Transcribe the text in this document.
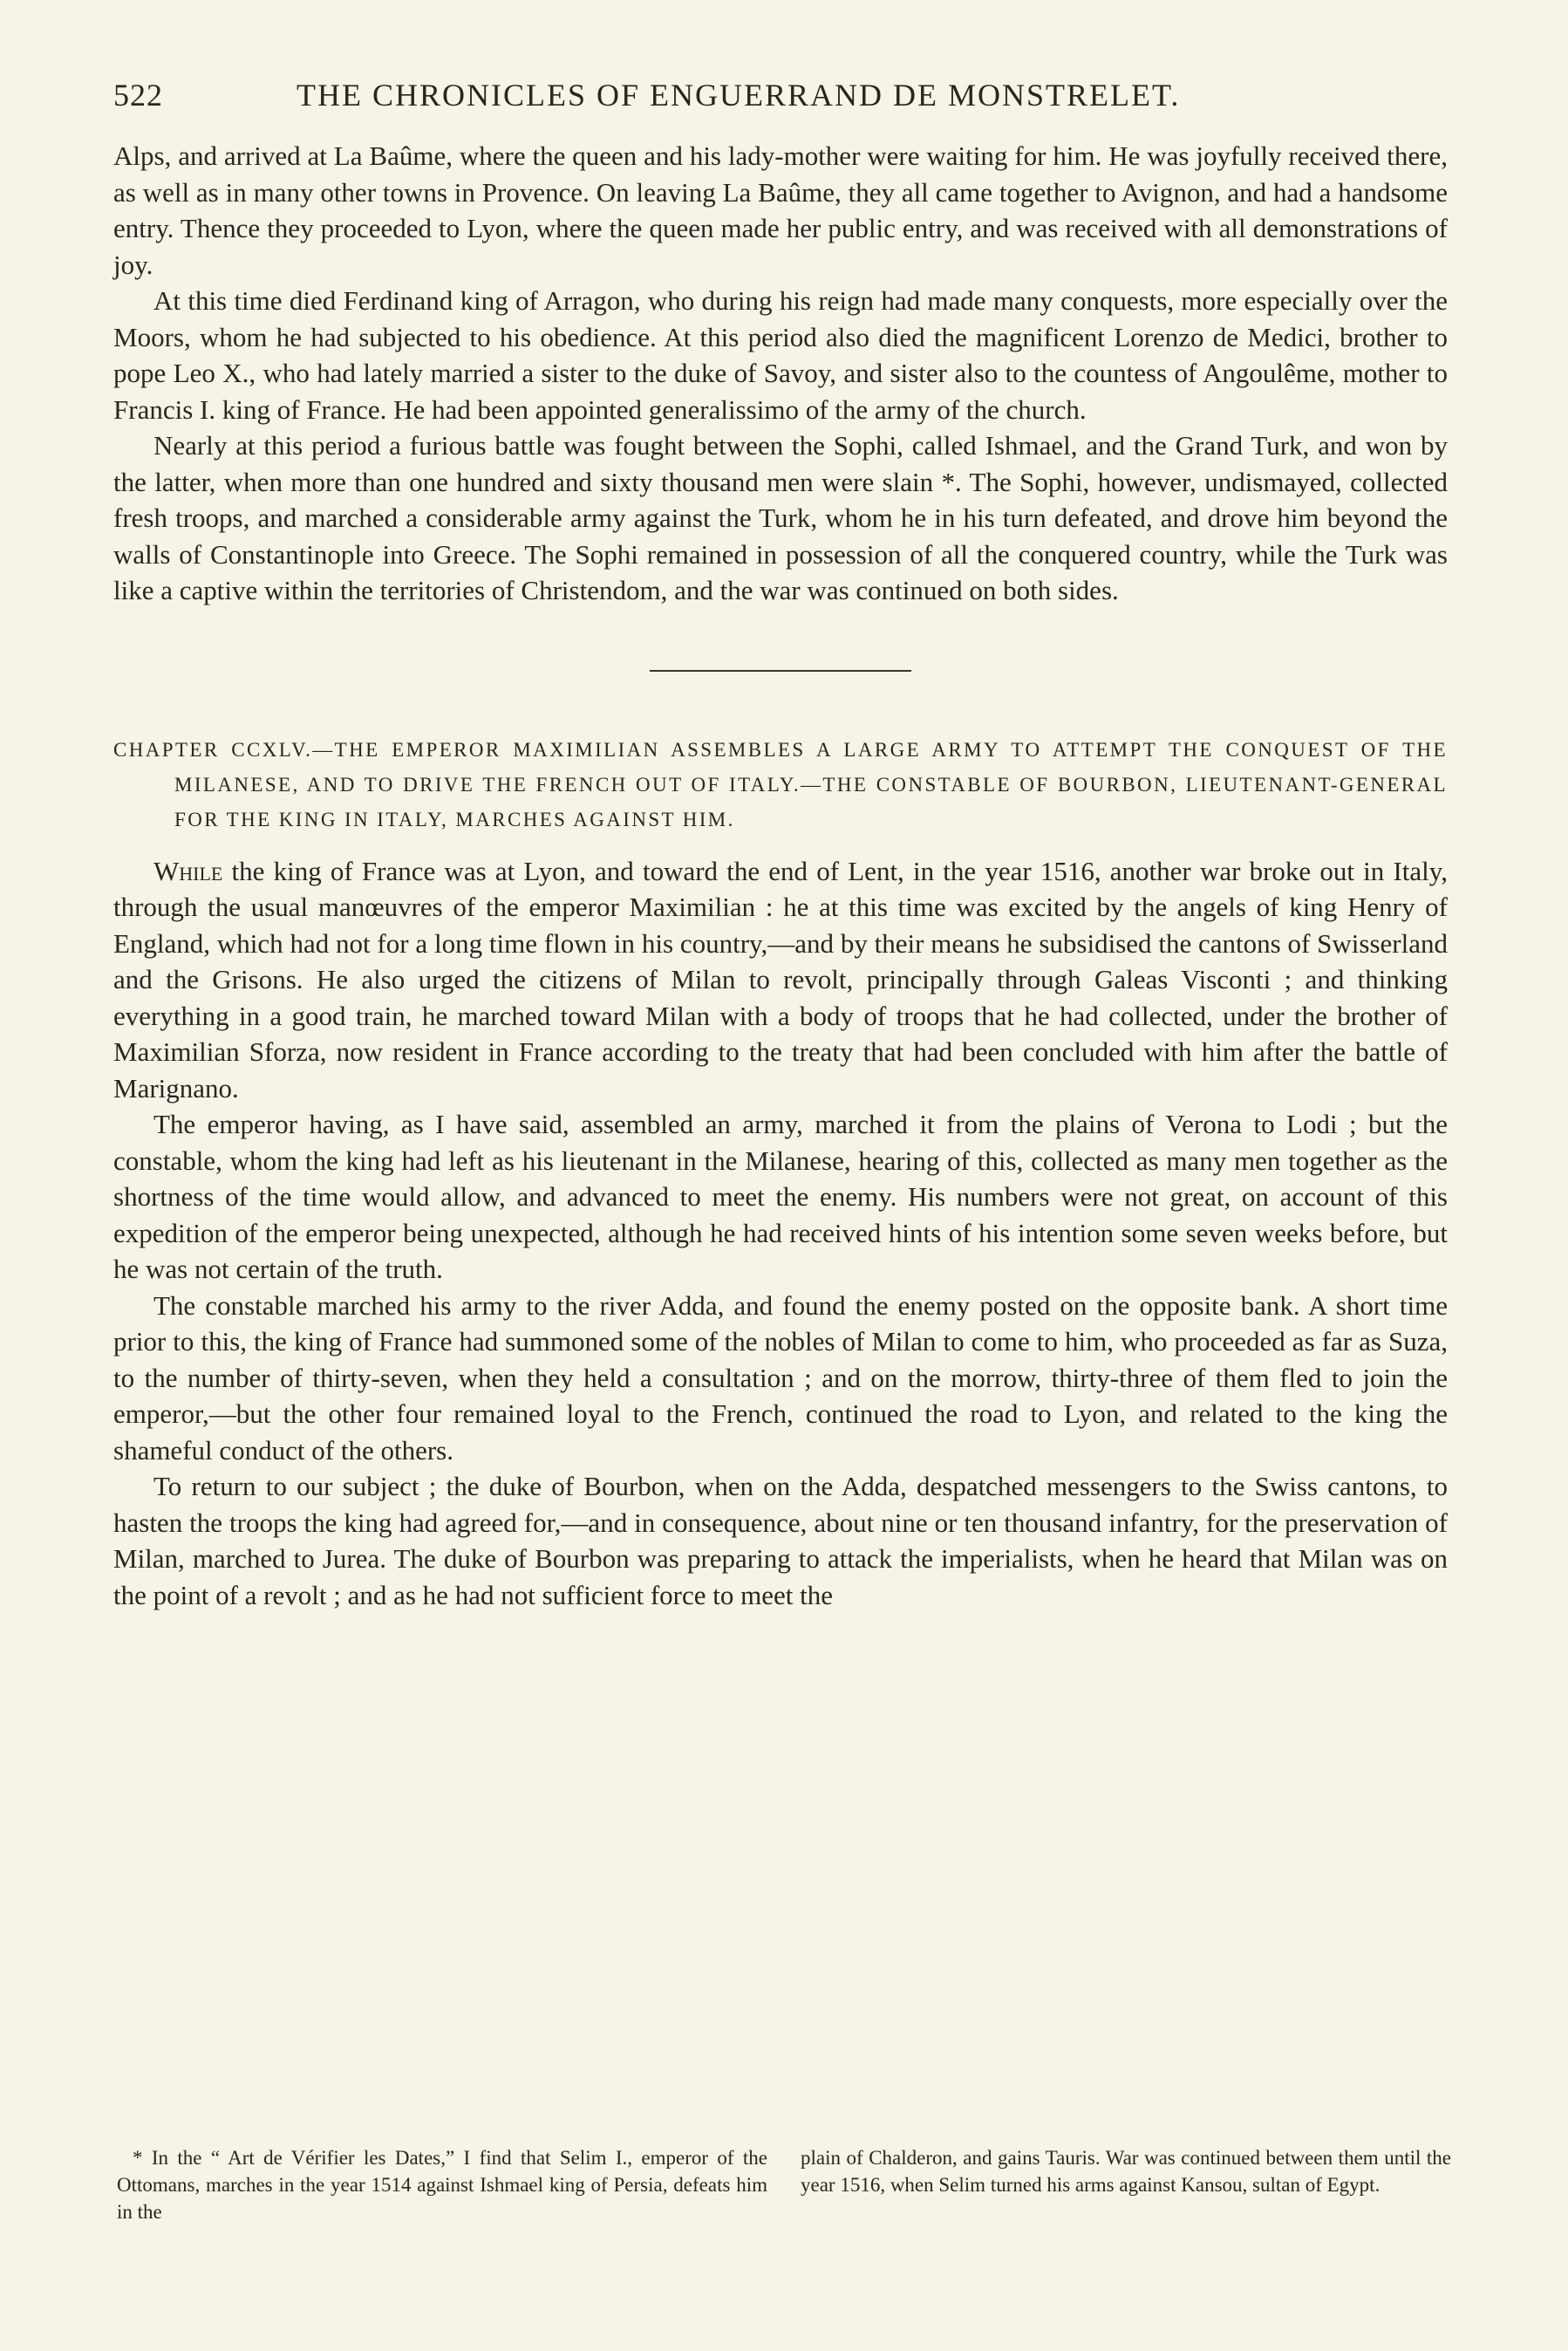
522	THE CHRONICLES OF ENGUERRAND DE MONSTRELET.

Alps, and arrived at La Baûme, where the queen and his lady-mother were waiting for him. He was joyfully received there, as well as in many other towns in Provence. On leaving La Baûme, they all came together to Avignon, and had a handsome entry. Thence they proceeded to Lyon, where the queen made her public entry, and was received with all demonstrations of joy.

At this time died Ferdinand king of Arragon, who during his reign had made many conquests, more especially over the Moors, whom he had subjected to his obedience. At this period also died the magnificent Lorenzo de Medici, brother to pope Leo X., who had lately married a sister to the duke of Savoy, and sister also to the countess of Angoulême, mother to Francis I. king of France. He had been appointed generalissimo of the army of the church.

Nearly at this period a furious battle was fought between the Sophi, called Ishmael, and the Grand Turk, and won by the latter, when more than one hundred and sixty thousand men were slain *. The Sophi, however, undismayed, collected fresh troops, and marched a considerable army against the Turk, whom he in his turn defeated, and drove him beyond the walls of Constantinople into Greece. The Sophi remained in possession of all the conquered country, while the Turk was like a captive within the territories of Christendom, and the war was continued on both sides.

CHAPTER CCXLV.—THE EMPEROR MAXIMILIAN ASSEMBLES A LARGE ARMY TO ATTEMPT THE CONQUEST OF THE MILANESE, AND TO DRIVE THE FRENCH OUT OF ITALY.—THE CONSTABLE OF BOURBON, LIEUTENANT-GENERAL FOR THE KING IN ITALY, MARCHES AGAINST HIM.

While the king of France was at Lyon, and toward the end of Lent, in the year 1516, another war broke out in Italy, through the usual manœuvres of the emperor Maximilian : he at this time was excited by the angels of king Henry of England, which had not for a long time flown in his country,—and by their means he subsidised the cantons of Swisserland and the Grisons. He also urged the citizens of Milan to revolt, principally through Galeas Visconti ; and thinking everything in a good train, he marched toward Milan with a body of troops that he had collected, under the brother of Maximilian Sforza, now resident in France according to the treaty that had been concluded with him after the battle of Marignano.

The emperor having, as I have said, assembled an army, marched it from the plains of Verona to Lodi ; but the constable, whom the king had left as his lieutenant in the Milanese, hearing of this, collected as many men together as the shortness of the time would allow, and advanced to meet the enemy. His numbers were not great, on account of this expedition of the emperor being unexpected, although he had received hints of his intention some seven weeks before, but he was not certain of the truth.

The constable marched his army to the river Adda, and found the enemy posted on the opposite bank. A short time prior to this, the king of France had summoned some of the nobles of Milan to come to him, who proceeded as far as Suza, to the number of thirty-seven, when they held a consultation ; and on the morrow, thirty-three of them fled to join the emperor,—but the other four remained loyal to the French, continued the road to Lyon, and related to the king the shameful conduct of the others.

To return to our subject ; the duke of Bourbon, when on the Adda, despatched messengers to the Swiss cantons, to hasten the troops the king had agreed for,—and in consequence, about nine or ten thousand infantry, for the preservation of Milan, marched to Jurea. The duke of Bourbon was preparing to attack the imperialists, when he heard that Milan was on the point of a revolt ; and as he had not sufficient force to meet the

* In the “ Art de Vérifier les Dates,” I find that Selim I., emperor of the Ottomans, marches in the year 1514 against Ishmael king of Persia, defeats him in the
plain of Chalderon, and gains Tauris. War was continued between them until the year 1516, when Selim turned his arms against Kansou, sultan of Egypt.
